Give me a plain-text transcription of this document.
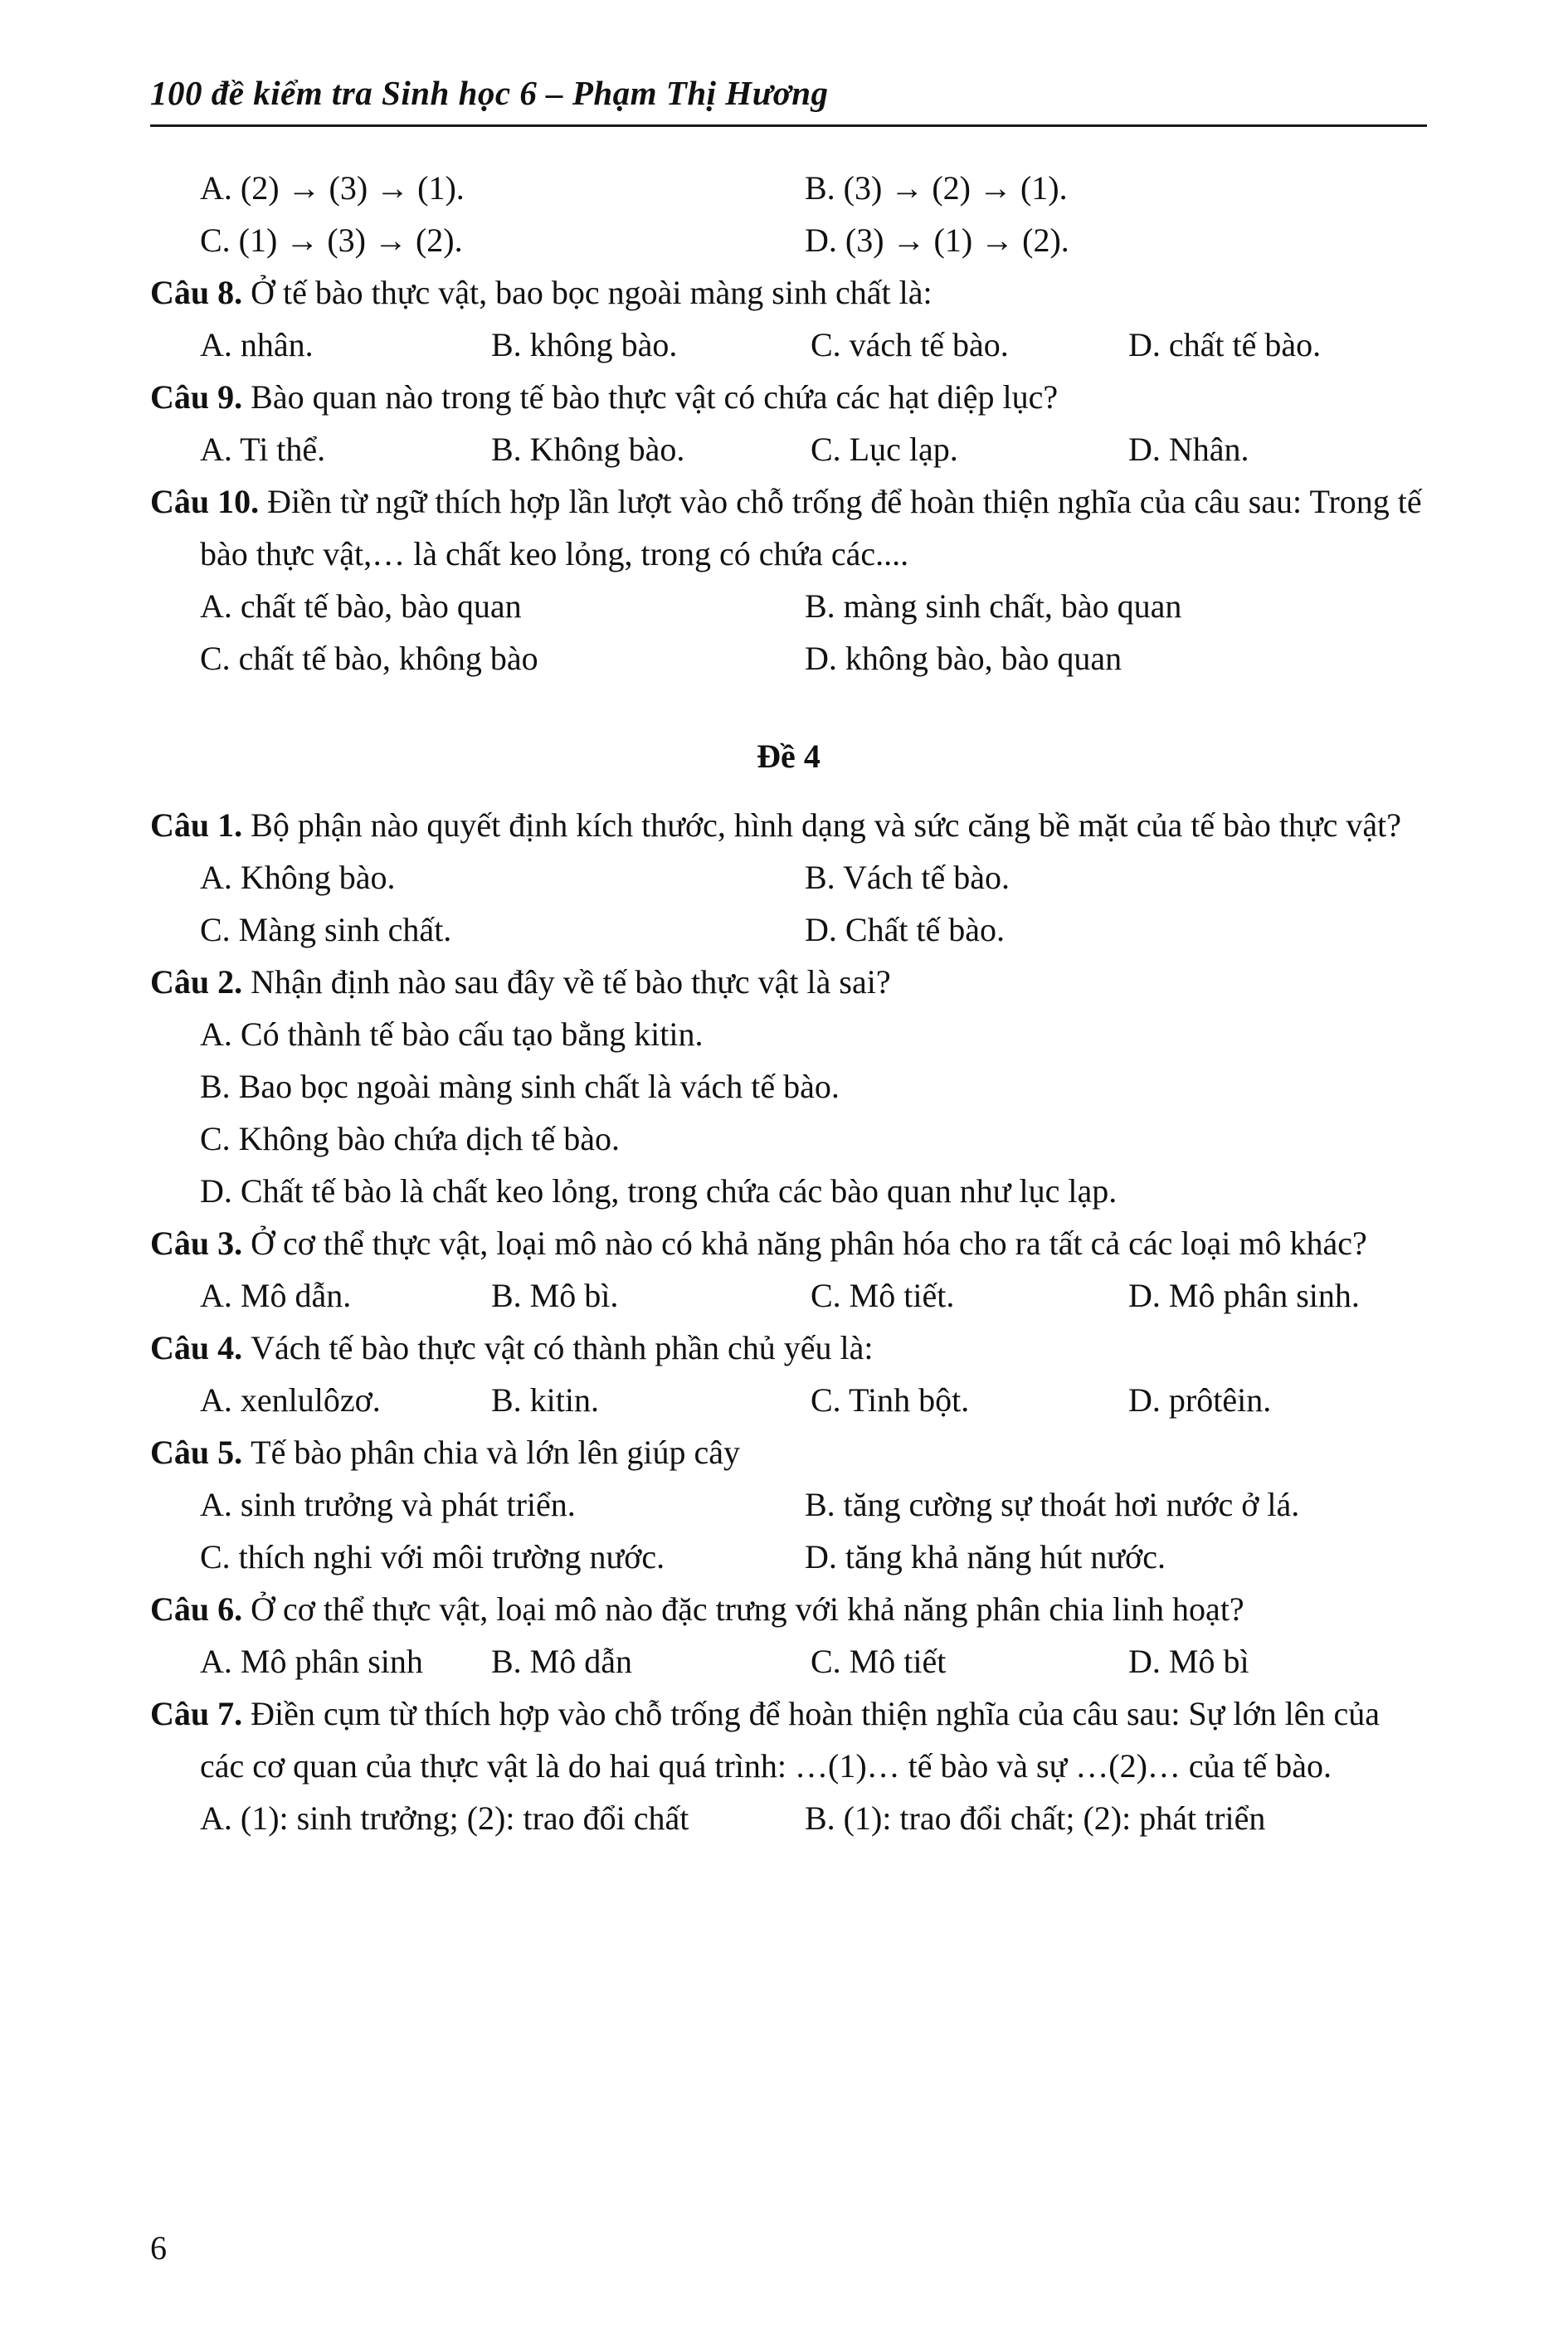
100 đề kiểm tra Sinh học 6 – Phạm Thị Hương
A. (2) → (3) → (1).	B. (3) → (2) → (1).
C. (1) → (3) → (2).	D. (3) → (1) → (2).

Câu 8. Ở tế bào thực vật, bao bọc ngoài màng sinh chất là:

A. nhân.	B. không bào.	C. vách tế bào.	D. chất tế bào.

Câu 9. Bào quan nào trong tế bào thực vật có chứa các hạt diệp lục?

A. Ti thể.	B. Không bào.	C. Lục lạp.	D. Nhân.

Câu 10. Điền từ ngữ thích hợp lần lượt vào chỗ trống để hoàn thiện nghĩa của câu sau: Trong tế bào thực vật,… là chất keo lỏng, trong có chứa các....

A. chất tế bào, bào quan	B. màng sinh chất, bào quan
C. chất tế bào, không bào	D. không bào, bào quan

Đề 4

Câu 1. Bộ phận nào quyết định kích thước, hình dạng và sức căng bề mặt của tế bào thực vật?

A. Không bào.	B. Vách tế bào.
C. Màng sinh chất.	D. Chất tế bào.

Câu 2. Nhận định nào sau đây về tế bào thực vật là sai?

A. Có thành tế bào cấu tạo bằng kitin.
B. Bao bọc ngoài màng sinh chất là vách tế bào.
C. Không bào chứa dịch tế bào.
D. Chất tế bào là chất keo lỏng, trong chứa các bào quan như lục lạp.

Câu 3. Ở cơ thể thực vật, loại mô nào có khả năng phân hóa cho ra tất cả các loại mô khác?

A. Mô dẫn.	B. Mô bì.	C. Mô tiết.	D. Mô phân sinh.

Câu 4. Vách tế bào thực vật có thành phần chủ yếu là:

A. xenlulôzơ.	B. kitin.	C. Tinh bột.	D. prôtêin.

Câu 5. Tế bào phân chia và lớn lên giúp cây

A. sinh trưởng và phát triển.	B. tăng cường sự thoát hơi nước ở lá.
C. thích nghi với môi trường nước.	D. tăng khả năng hút nước.

Câu 6. Ở cơ thể thực vật, loại mô nào đặc trưng với khả năng phân chia linh hoạt?

A. Mô phân sinh	B. Mô dẫn	C. Mô tiết	D. Mô bì

Câu 7. Điền cụm từ thích hợp vào chỗ trống để hoàn thiện nghĩa của câu sau: Sự lớn lên của các cơ quan của thực vật là do hai quá trình: …(1)… tế bào và sự …(2)… của tế bào.

A. (1): sinh trưởng; (2): trao đổi chất	B. (1): trao đổi chất; (2): phát triển
6
